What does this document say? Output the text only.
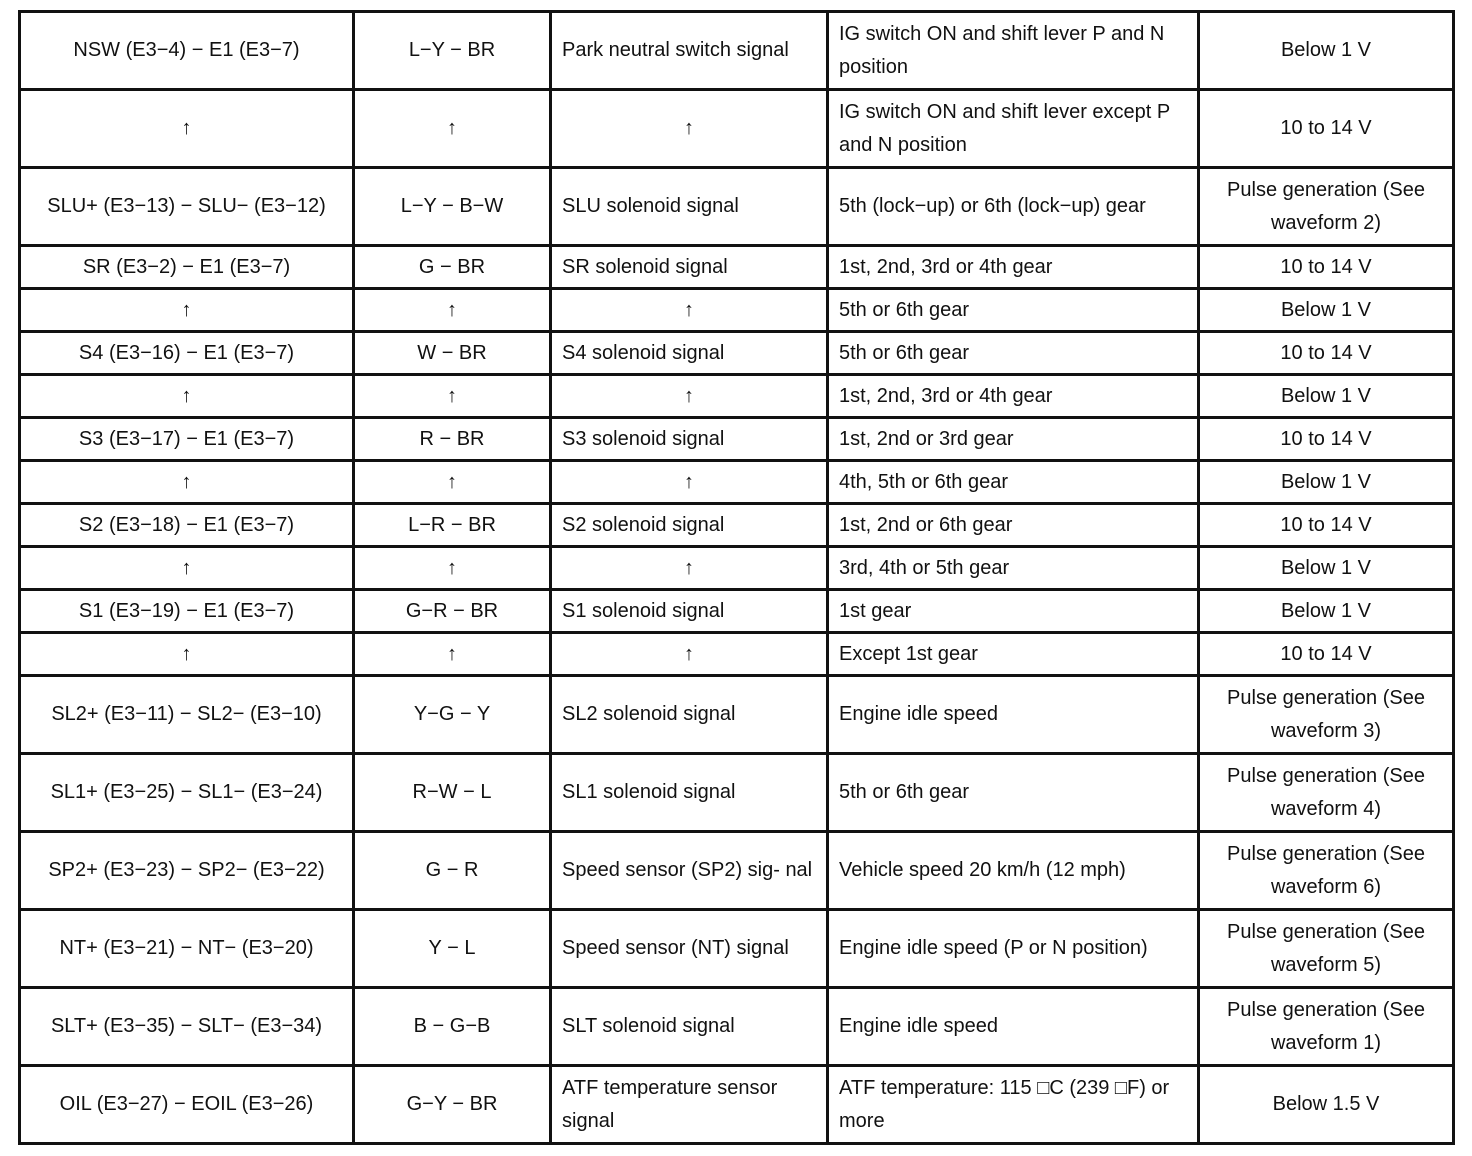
NSW (E3−4) − E1 (E3−7)	L−Y − BR	Park neutral switch signal	IG switch ON and shift lever P and N position	Below 1 V
↑	↑	↑	IG switch ON and shift lever except P and N position	10 to 14 V
SLU+ (E3−13) − SLU− (E3−12)	L−Y − B−W	SLU solenoid signal	5th (lock−up) or 6th (lock−up) gear	Pulse generation (See waveform 2)
SR (E3−2) − E1 (E3−7)	G − BR	SR solenoid signal	1st, 2nd, 3rd or 4th gear	10 to 14 V
↑	↑	↑	5th or 6th gear	Below 1 V
S4 (E3−16) − E1 (E3−7)	W − BR	S4 solenoid signal	5th or 6th gear	10 to 14 V
↑	↑	↑	1st, 2nd, 3rd or 4th gear	Below 1 V
S3 (E3−17) − E1 (E3−7)	R − BR	S3 solenoid signal	1st, 2nd or 3rd gear	10 to 14 V
↑	↑	↑	4th, 5th or 6th gear	Below 1 V
S2 (E3−18) − E1 (E3−7)	L−R − BR	S2 solenoid signal	1st, 2nd or 6th gear	10 to 14 V
↑	↑	↑	3rd, 4th or 5th gear	Below 1 V
S1 (E3−19) − E1 (E3−7)	G−R − BR	S1 solenoid signal	1st gear	Below 1 V
↑	↑	↑	Except 1st gear	10 to 14 V
SL2+ (E3−11) − SL2− (E3−10)	Y−G − Y	SL2 solenoid signal	Engine idle speed	Pulse generation (See waveform 3)
SL1+ (E3−25) − SL1− (E3−24)	R−W − L	SL1 solenoid signal	5th or 6th gear	Pulse generation (See waveform 4)
SP2+ (E3−23) − SP2− (E3−22)	G − R	Speed sensor (SP2) sig- nal	Vehicle speed 20 km/h (12 mph)	Pulse generation (See waveform 6)
NT+ (E3−21) − NT− (E3−20)	Y − L	Speed sensor (NT) signal	Engine idle speed (P or N position)	Pulse generation (See waveform 5)
SLT+ (E3−35) − SLT− (E3−34)	B − G−B	SLT solenoid signal	Engine idle speed	Pulse generation (See waveform 1)
OIL (E3−27) − EOIL (E3−26)	G−Y − BR	ATF temperature sensor signal	ATF temperature: 115 □C (239 □F) or more	Below 1.5 V
